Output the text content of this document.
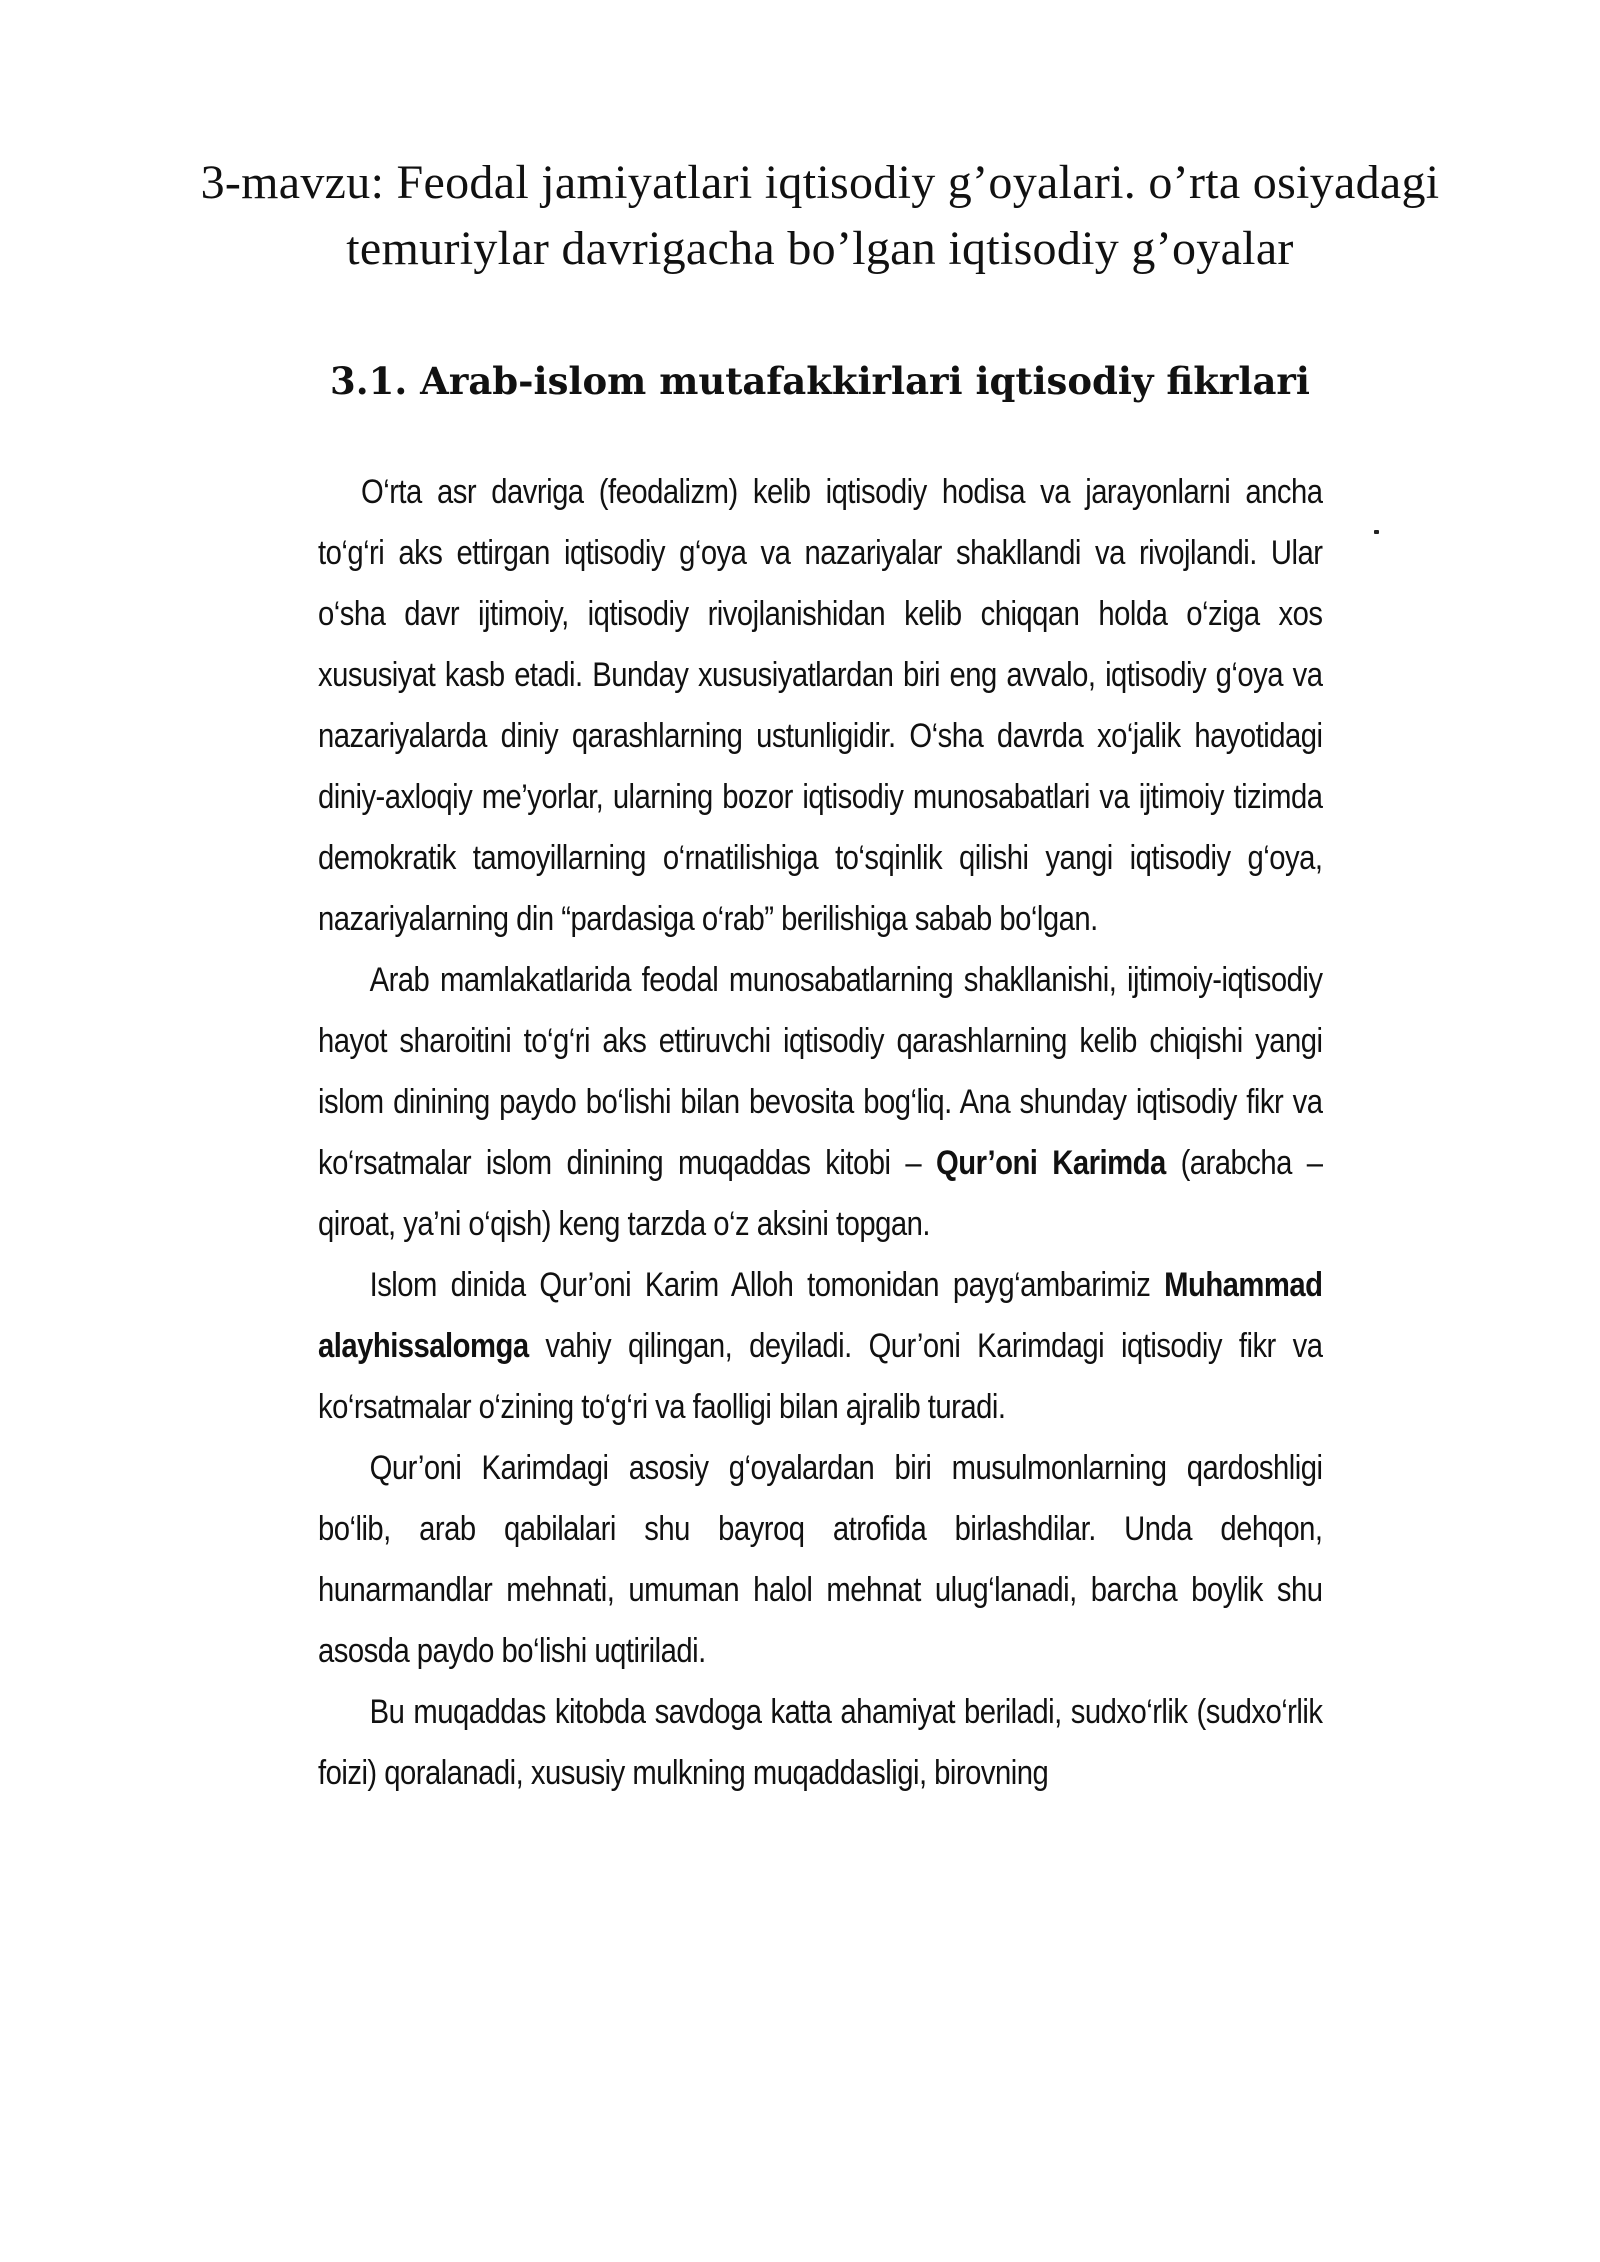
3-mavzu: Feodal jamiyatlari iqtisodiy g’oyalari. o’rta osiyadagi temuriylar davrigacha bo’lgan iqtisodiy g’oyalar
3.1. Arab-islom mutafakkirlari iqtisodiy fikrlari

O‘rta asr davriga (feodalizm) kelib iqtisodiy hodisa va jarayonlarni ancha to‘g‘ri aks ettirgan iqtisodiy g‘oya va nazariyalar shakllandi va rivojlandi. Ular o‘sha davr ijtimoiy, iqtisodiy rivojlanishidan kelib chiqqan holda o‘ziga xos xususiyat kasb etadi. Bunday xususiyatlardan biri eng avvalo, iqtisodiy g‘oya va nazariyalarda diniy qarashlarning ustunligidir. O‘sha davrda xo‘jalik hayotidagi diniy-axloqiy me’yorlar, ularning bozor iqtisodiy munosabatlari va ijtimoiy tizimda demokratik tamoyillarning o‘rnatilishiga to‘sqinlik qilishi yangi iqtisodiy g‘oya, nazariyalarning din “pardasiga o‘rab” berilishiga sabab bo‘lgan.

Arab mamlakatlarida feodal munosabatlarning shakllanishi, ijtimoiy-iqtisodiy hayot sharoitini to‘g‘ri aks ettiruvchi iqtisodiy qarashlarning kelib chiqishi yangi islom dinining paydo bo‘lishi bilan bevosita bog‘liq. Ana shunday iqtisodiy fikr va ko‘rsatmalar islom dinining muqaddas kitobi – Qur’oni Karimda (arabcha – qiroat, ya’ni o‘qish) keng tarzda o‘z aksini topgan.

Islom dinida Qur’oni Karim Alloh tomonidan payg‘ambarimiz Muhammad alayhissalomga vahiy qilingan, deyiladi. Qur’oni Karimdagi iqtisodiy fikr va ko‘rsatmalar o‘zining to‘g‘ri va faolligi bilan ajralib turadi.

Qur’oni Karimdagi asosiy g‘oyalardan biri musulmonlarning qardoshligi bo‘lib, arab qabilalari shu bayroq atrofida birlashdilar. Unda dehqon, hunarmandlar mehnati, umuman halol mehnat ulug‘lanadi, barcha boylik shu asosda paydo bo‘lishi uqtiriladi.

Bu muqaddas kitobda savdoga katta ahamiyat beriladi, sudxo‘rlik (sudxo‘rlik foizi) qoralanadi, xususiy mulkning muqaddasligi, birovning
